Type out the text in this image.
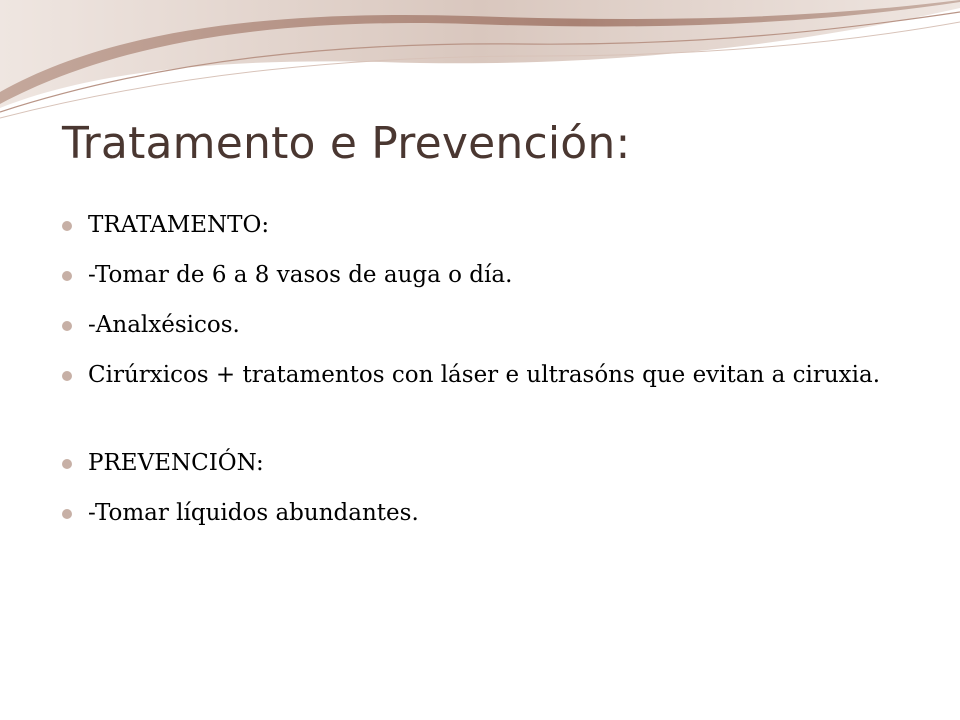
Tratamento e Prevención:
TRATAMENTO:
-Tomar de 6 a 8 vasos de auga o día.
-Analxésicos.
Cirúrxicos + tratamentos con láser e ultrasóns que evitan a ciruxia.
PREVENCIÓN:
-Tomar líquidos abundantes.
